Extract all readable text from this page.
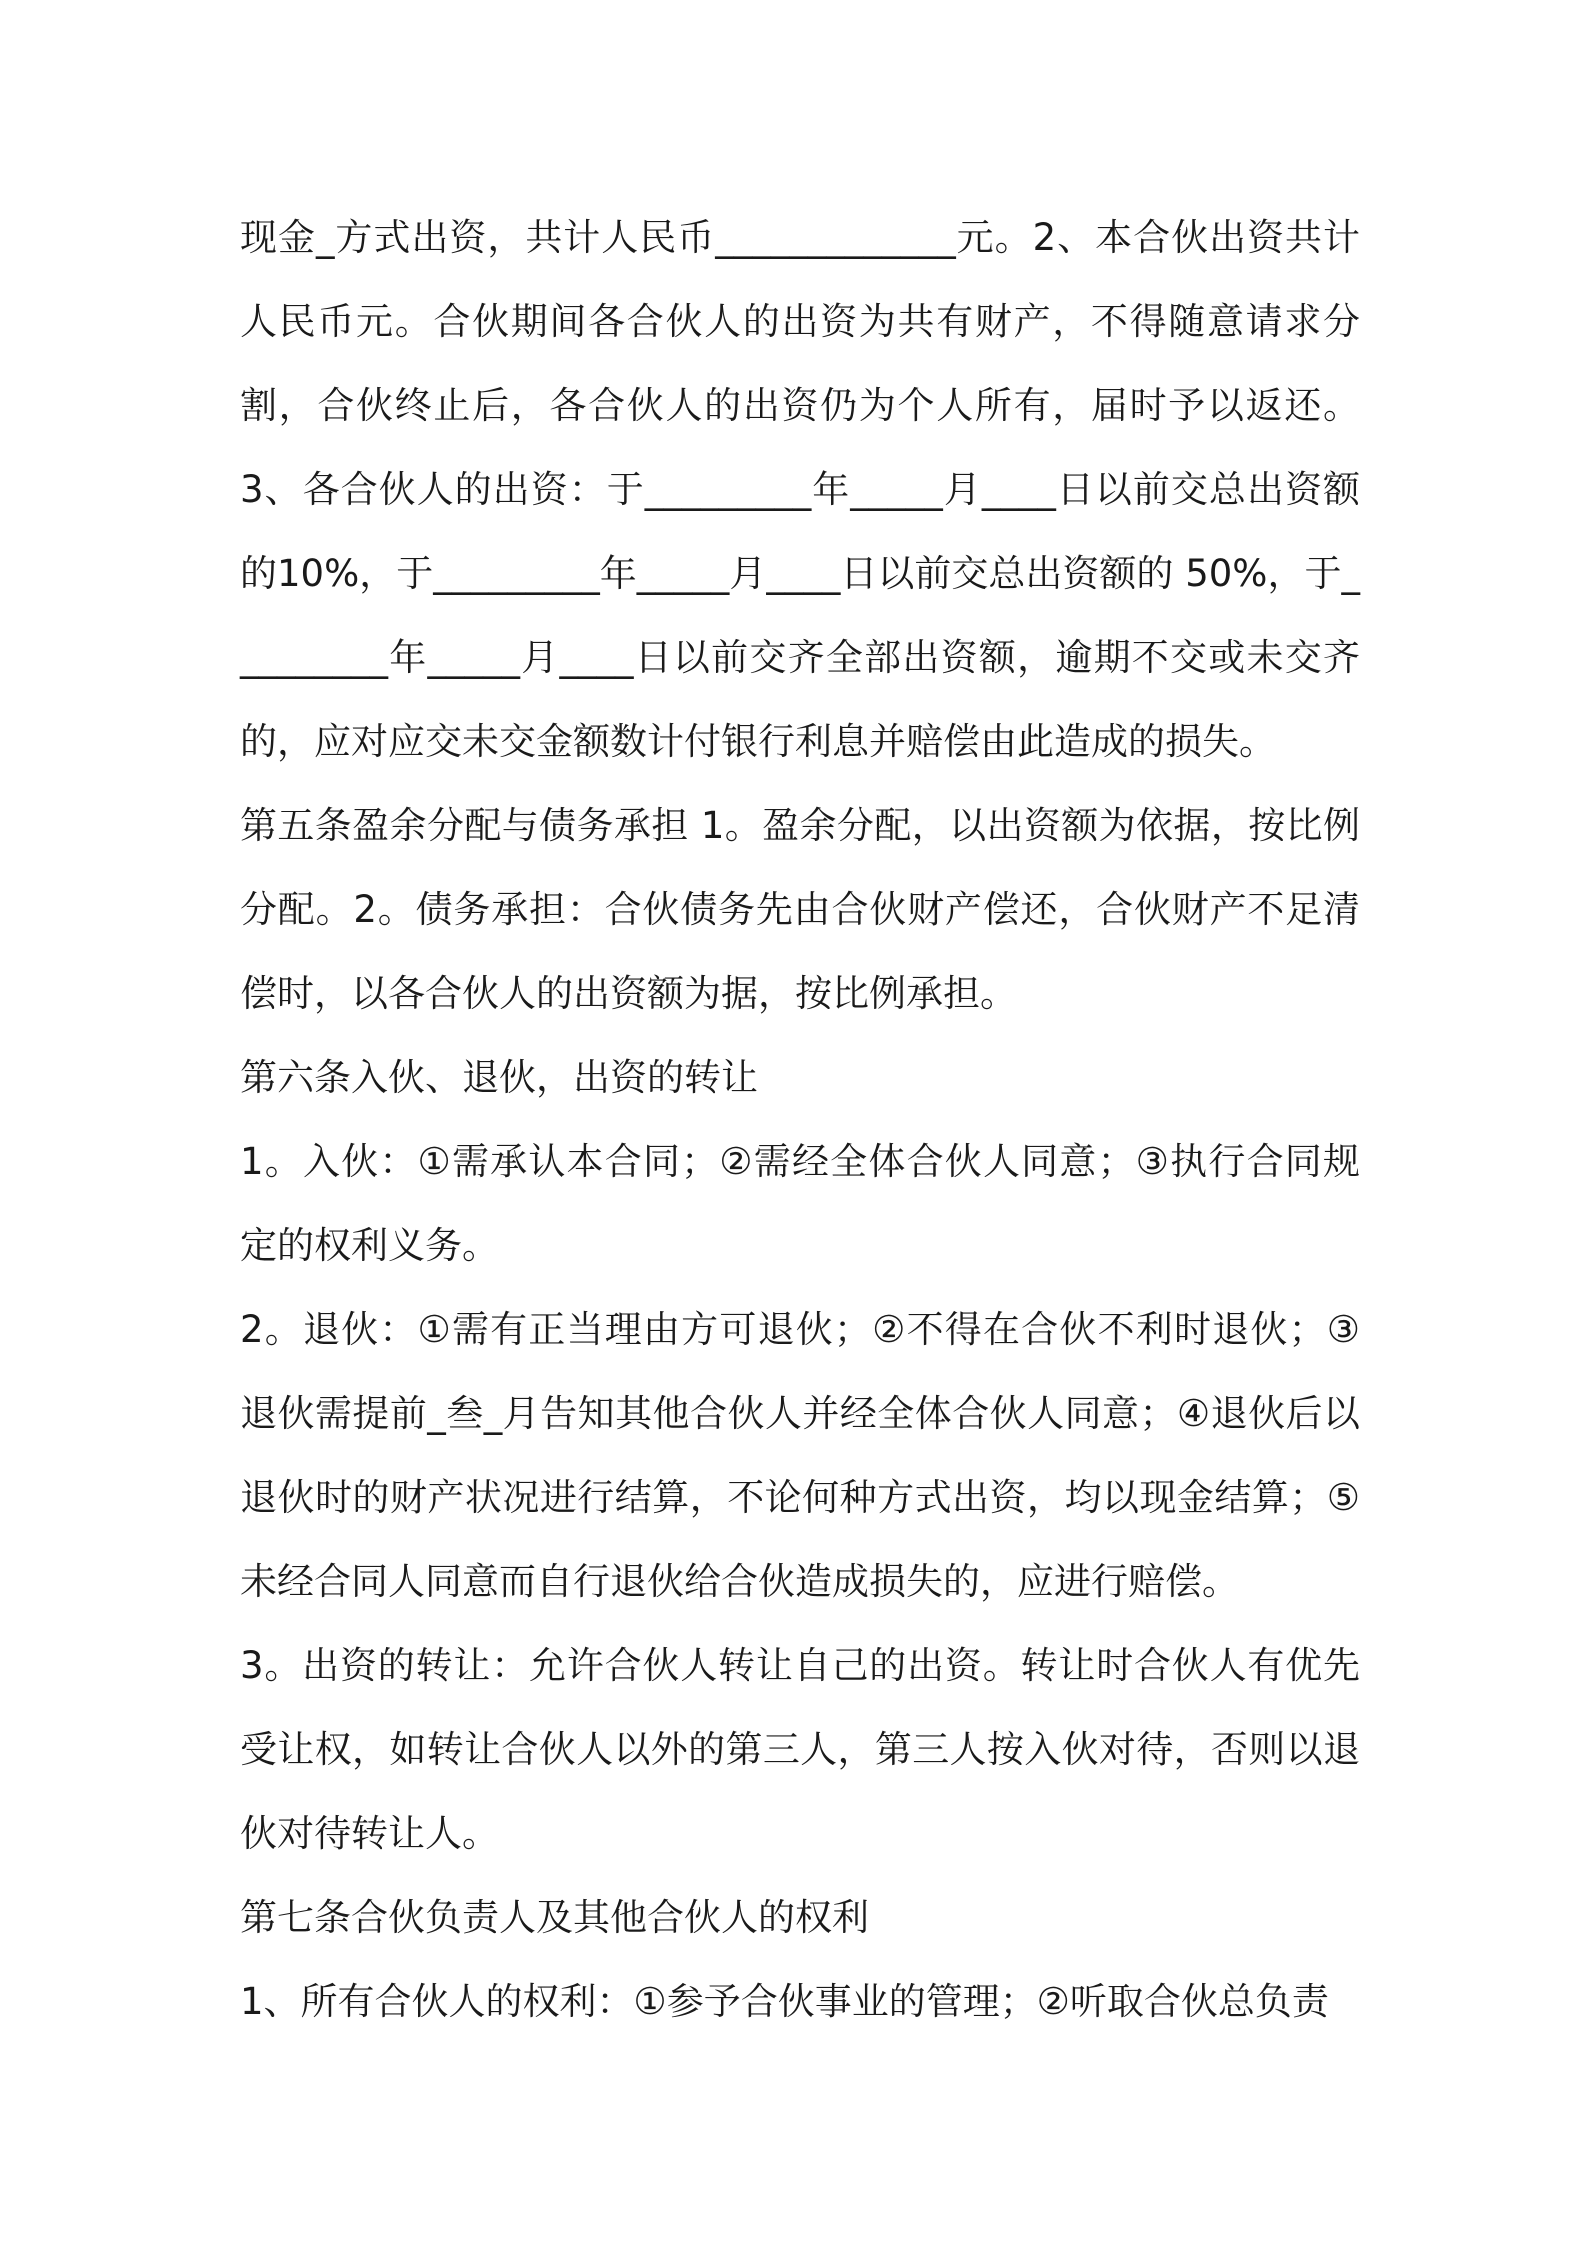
现金_方式出资，共计人民币_____________元。2、本合伙出资共计人民币元。合伙期间各合伙人的出资为共有财产，不得随意请求分割，合伙终止后，各合伙人的出资仍为个人所有，届时予以返还。3、各合伙人的出资：于_________年_____月____日以前交总出资额的10%，于_________年_____月____日以前交总出资额的 50%，于_________年_____月____日以前交齐全部出资额，逾期不交或未交齐的，应对应交未交金额数计付银行利息并赔偿由此造成的损失。

第五条盈余分配与债务承担 1。盈余分配，以出资额为依据，按比例分配。2。债务承担：合伙债务先由合伙财产偿还，合伙财产不足清偿时，以各合伙人的出资额为据，按比例承担。

第六条入伙、退伙，出资的转让

1。入伙：①需承认本合同；②需经全体合伙人同意；③执行合同规定的权利义务。

2。退伙：①需有正当理由方可退伙；②不得在合伙不利时退伙；③退伙需提前_叁_月告知其他合伙人并经全体合伙人同意；④退伙后以退伙时的财产状况进行结算，不论何种方式出资，均以现金结算；⑤未经合同人同意而自行退伙给合伙造成损失的，应进行赔偿。

3。出资的转让：允许合伙人转让自己的出资。转让时合伙人有优先受让权，如转让合伙人以外的第三人，第三人按入伙对待，否则以退伙对待转让人。

第七条合伙负责人及其他合伙人的权利

1、所有合伙人的权利：①参予合伙事业的管理；②听取合伙总负责
